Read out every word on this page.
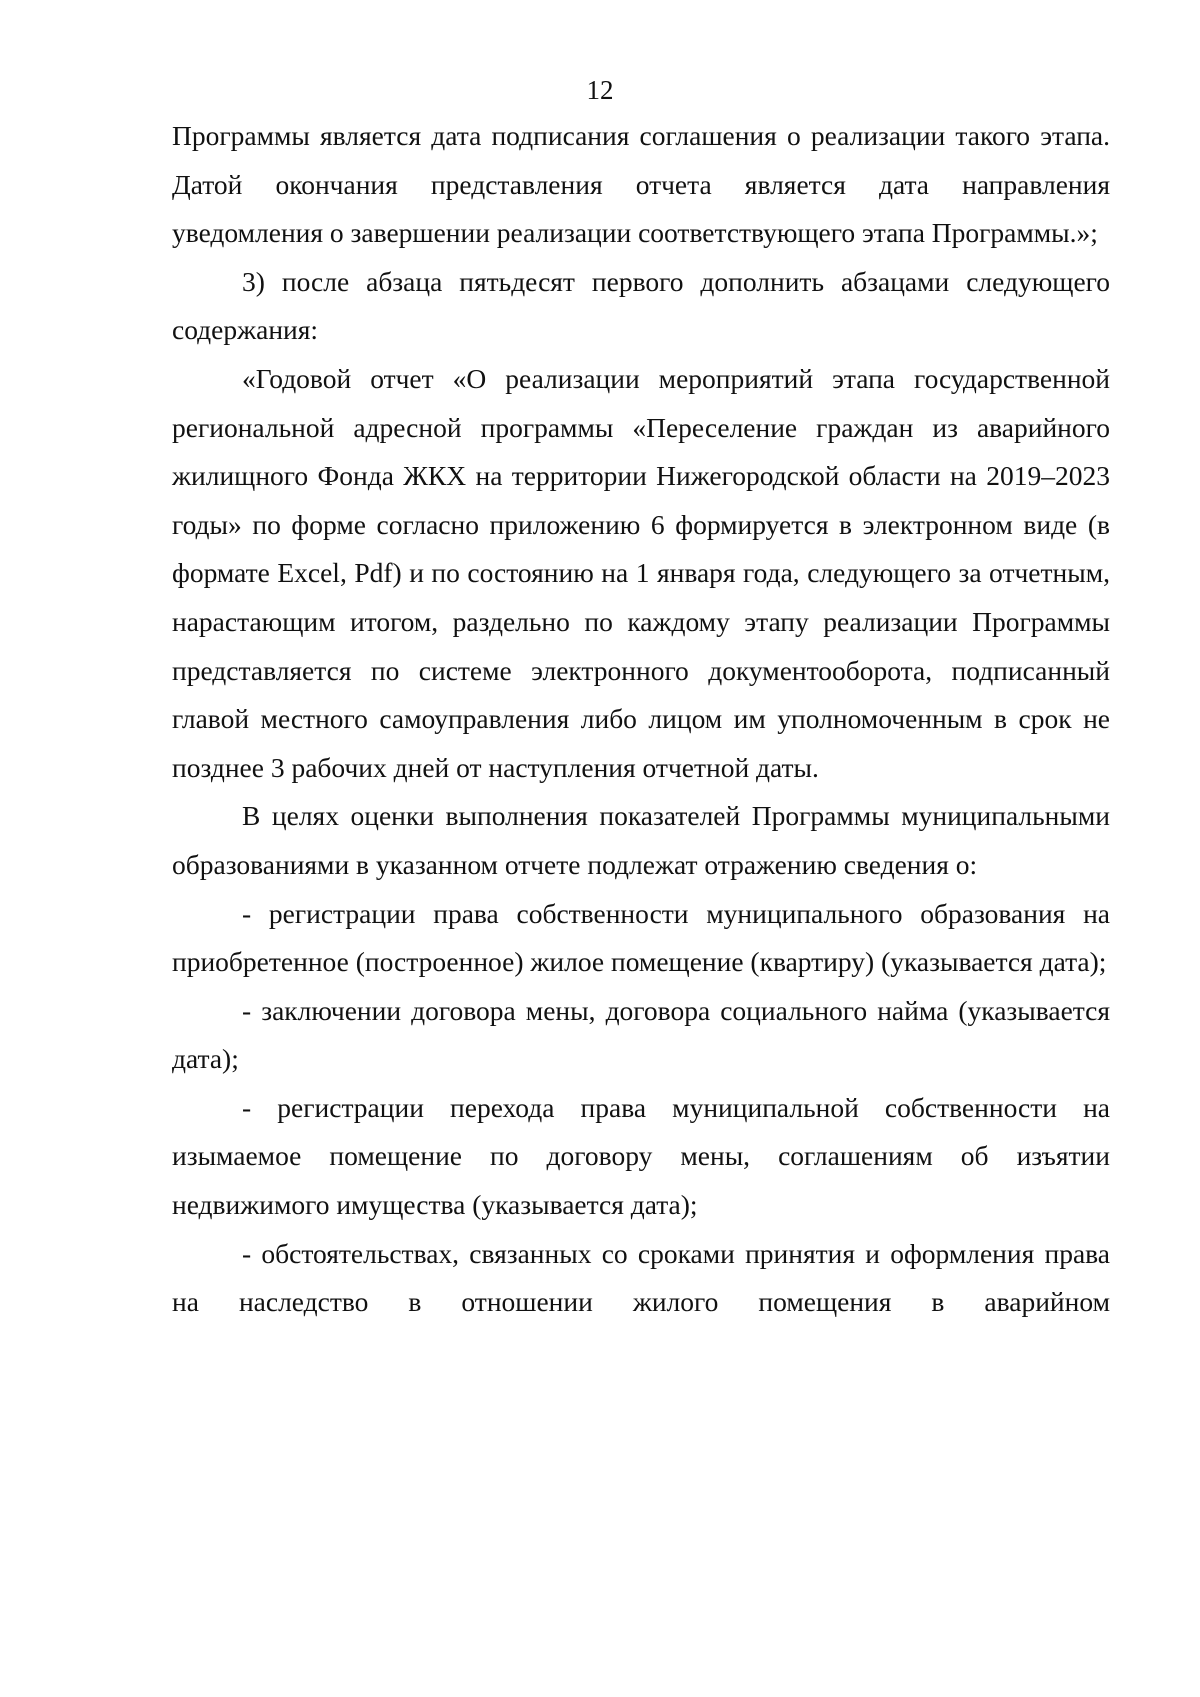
12

Программы является дата подписания соглашения о реализации такого этапа. Датой окончания представления отчета является дата направления уведомления о завершении реализации соответствующего этапа Программы.»;

3) после абзаца пятьдесят первого дополнить абзацами следующего содержания:

«Годовой отчет «О реализации мероприятий этапа государственной региональной адресной программы «Переселение граждан из аварийного жилищного Фонда ЖКХ на территории Нижегородской области на 2019–2023 годы» по форме согласно приложению 6 формируется в электронном виде (в формате Excel, Pdf) и по состоянию на 1 января года, следующего за отчетным, нарастающим итогом, раздельно по каждому этапу реализации Программы представляется по системе электронного документооборота, подписанный главой местного самоуправления либо лицом им уполномоченным в срок не позднее 3 рабочих дней от наступления отчетной даты.

В целях оценки выполнения показателей Программы муниципальными образованиями в указанном отчете подлежат отражению сведения о:

- регистрации права собственности муниципального образования на приобретенное (построенное) жилое помещение (квартиру) (указывается дата);

- заключении договора мены, договора социального найма (указывается дата);

- регистрации перехода права муниципальной собственности на изымаемое помещение по договору мены, соглашениям об изъятии недвижимого имущества (указывается дата);

- обстоятельствах, связанных со сроками принятия и оформления права на наследство в отношении жилого помещения в аварийном
